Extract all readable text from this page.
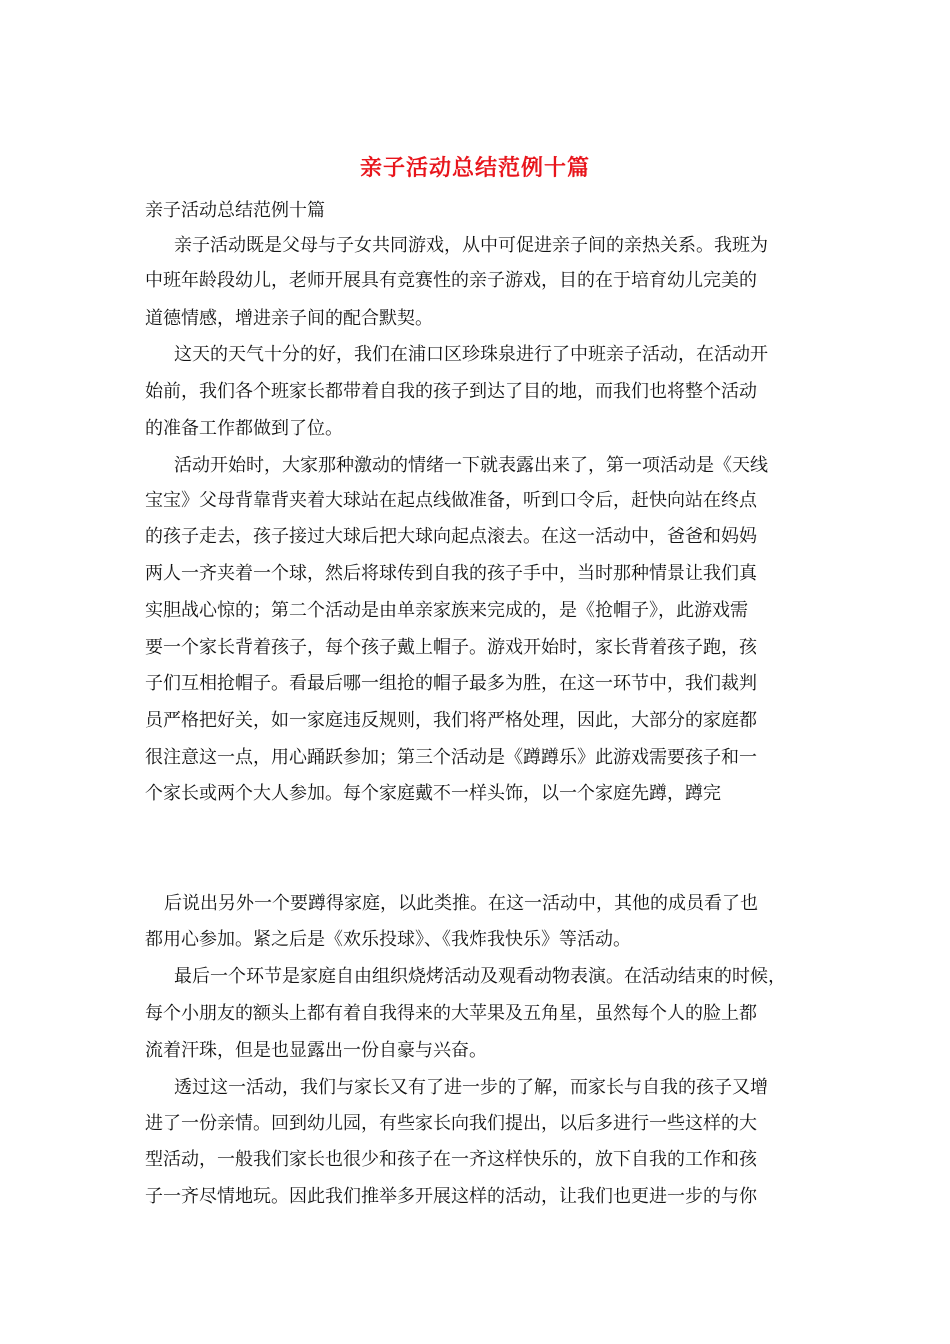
亲子活动总结范例十篇
亲子活动总结范例十篇
亲子活动既是父母与子女共同游戏，从中可促进亲子间的亲热关系。我班为
中班年龄段幼儿，老师开展具有竞赛性的亲子游戏，目的在于培育幼儿完美的
道德情感，增进亲子间的配合默契。
这天的天气十分的好，我们在浦口区珍珠泉进行了中班亲子活动，在活动开
始前，我们各个班家长都带着自我的孩子到达了目的地，而我们也将整个活动
的准备工作都做到了位。
活动开始时，大家那种激动的情绪一下就表露出来了，第一项活动是《天线
宝宝》父母背靠背夹着大球站在起点线做准备，听到口令后，赶快向站在终点
的孩子走去，孩子接过大球后把大球向起点滚去。在这一活动中，爸爸和妈妈
两人一齐夹着一个球，然后将球传到自我的孩子手中，当时那种情景让我们真
实胆战心惊的；第二个活动是由单亲家族来完成的，是《抢帽子》，此游戏需
要一个家长背着孩子，每个孩子戴上帽子。游戏开始时，家长背着孩子跑，孩
子们互相抢帽子。看最后哪一组抢的帽子最多为胜，在这一环节中，我们裁判
员严格把好关，如一家庭违反规则，我们将严格处理，因此，大部分的家庭都
很注意这一点，用心踊跃参加；第三个活动是《蹲蹲乐》此游戏需要孩子和一
个家长或两个大人参加。每个家庭戴不一样头饰，以一个家庭先蹲，蹲完
后说出另外一个要蹲得家庭，以此类推。在这一活动中，其他的成员看了也
都用心参加。紧之后是《欢乐投球》、《我炸我快乐》等活动。
最后一个环节是家庭自由组织烧烤活动及观看动物表演。在活动结束的时候，
每个小朋友的额头上都有着自我得来的大苹果及五角星，虽然每个人的脸上都
流着汗珠，但是也显露出一份自豪与兴奋。
透过这一活动，我们与家长又有了进一步的了解，而家长与自我的孩子又增
进了一份亲情。回到幼儿园，有些家长向我们提出，以后多进行一些这样的大
型活动，一般我们家长也很少和孩子在一齐这样快乐的，放下自我的工作和孩
子一齐尽情地玩。因此我们推举多开展这样的活动，让我们也更进一步的与你
